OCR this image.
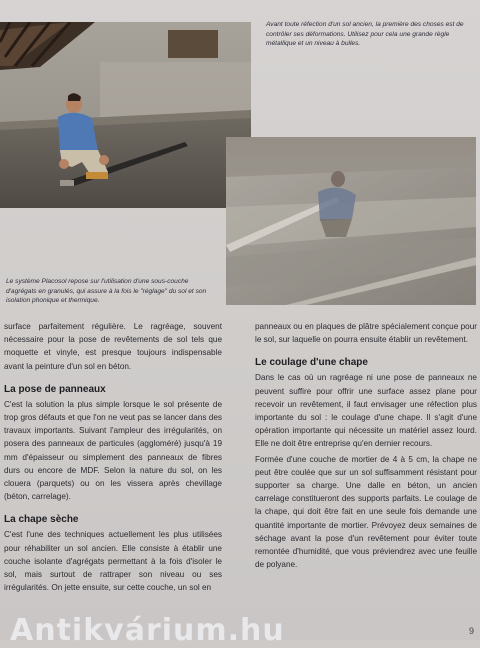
Avant toute réfection d'un sol ancien, la première des choses est de contrôler ses déformations. Utilisez pour cela une grande règle métallique et un niveau à bulles.

Le système Placosol repose sur l'utilisation d'une sous-couche d'agrégats en granulés, qui assure à la fois le "réglage" du sol et son isolation phonique et thermique.

surface parfaitement régulière. Le ragréage, souvent nécessaire pour la pose de revêtements de sol tels que moquette et vinyle, est presque toujours indispensable avant la peinture d'un sol en béton.

La pose de panneaux

C'est la solution la plus simple lorsque le sol présente de trop gros défauts et que l'on ne veut pas se lancer dans des travaux importants. Suivant l'ampleur des irrégularités, on posera des panneaux de particules (aggloméré) jusqu'à 19 mm d'épaisseur ou simplement des panneaux de fibres durs ou encore de MDF. Selon la nature du sol, on les clouera (parquets) ou on les vissera après chevillage (béton, carrelage).

La chape sèche

C'est l'une des techniques actuellement les plus utilisées pour réhabiliter un sol ancien. Elle consiste à établir une couche isolante d'agrégats permettant à la fois d'isoler le sol, mais surtout de rattraper son niveau ou ses irrégularités. On jette ensuite, sur cette couche, un sol en

panneaux ou en plaques de plâtre spécialement conçue pour le sol, sur laquelle on pourra ensuite établir un revêtement.

Le coulage d'une chape

Dans le cas où un ragréage ni une pose de panneaux ne peuvent suffire pour offrir une surface assez plane pour recevoir un revêtement, il faut envisager une réfection plus importante du sol : le coulage d'une chape. Il s'agit d'une opération importante qui nécessite un matériel assez lourd. Elle ne doit être entreprise qu'en dernier recours.

Formée d'une couche de mortier de 4 à 5 cm, la chape ne peut être coulée que sur un sol suffisamment résistant pour supporter sa charge. Une dalle en béton, un ancien carrelage constitueront des supports parfaits. Le coulage de la chape, qui doit être fait en une seule fois demande une quantité importante de mortier. Prévoyez deux semaines de séchage avant la pose d'un revêtement pour éviter toute remontée d'humidité, que vous préviendrez avec une feuille de polyane.

Antikvárium.hu	9
